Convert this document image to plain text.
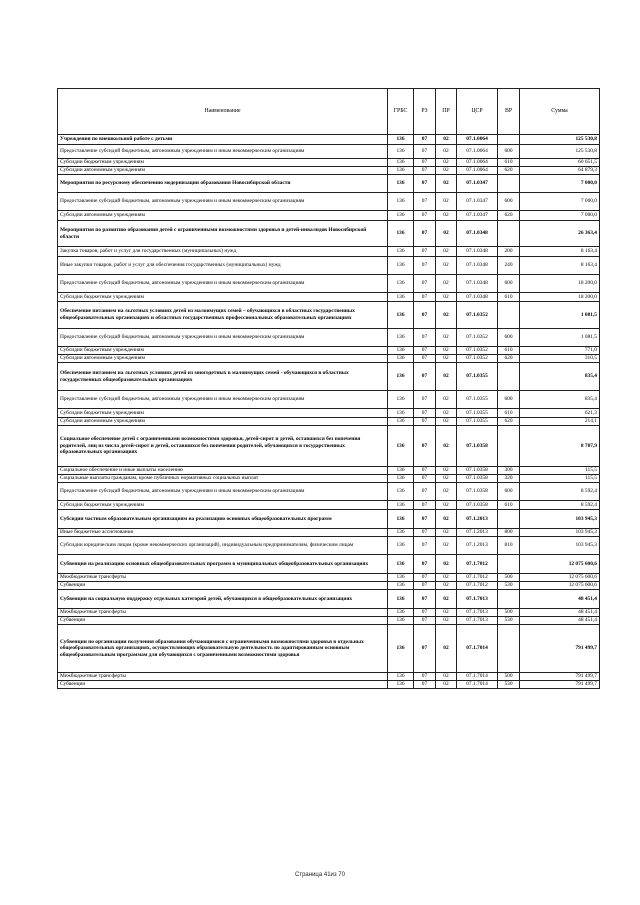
Наименование	ГРБС	РЗ	ПР	ЦСР	ВР	Сумма
Учреждения по внешкольной работе с детьми	136	07	02	07.1.0064		125 530,8
Предоставление субсидий бюджетным, автономным учреждениям и иным некоммерческим организациям	136	07	02	07.1.0064	600	125 530,8
Субсидии бюджетным учреждениям	136	07	02	07.1.0064	610	60 651,5
Субсидии автономным учреждениям	136	07	02	07.1.0064	620	64 879,3
Мероприятия по ресурсному обеспечению модернизации образования Новосибирской области	136	07	02	07.1.0347		7 000,0
Предоставление субсидий бюджетным, автономным учреждениям и иным некоммерческим организациям	136	07	02	07.1.0347	600	7 000,0
Субсидии автономным учреждениям	136	07	02	07.1.0347	620	7 000,0
Мероприятия по развитию образования детей с ограниченными возможностями здоровья и детей-инвалидов Новосибирской области	136	07	02	07.1.0348		26 363,4
Закупка товаров, работ и услуг для государственных (муниципальных) нужд	136	07	02	07.1.0348	200	8 163,4
Иные закупки товаров, работ и услуг для обеспечения государственных (муниципальных) нужд	136	07	02	07.1.0348	240	8 163,4
Предоставление субсидий бюджетным, автономным учреждениям и иным некоммерческим организациям	136	07	02	07.1.0348	600	18 200,0
Субсидии бюджетным учреждениям	136	07	02	07.1.0348	610	18 200,0
Обеспечение питанием на льготных условиях детей из малоимущих семей – обучающихся в областных государственных общеобразовательных организациях и областных государственных профессиональных образовательных организациях	136	07	02	07.1.0352		1 081,5
Предоставление субсидий бюджетным, автономным учреждениям и иным некоммерческим организациям	136	07	02	07.1.0352	600	1 081,5
Субсидии бюджетным учреждениям	136	07	02	07.1.0352	610	771,0
Субсидии автономным учреждениям	136	07	02	07.1.0352	620	310,5
Обеспечение питанием на льготных условиях детей из многодетных в малоимущих семей - обучающихся в областных государственных общеобразовательных организациях	136	07	02	07.1.0355		835,4
Предоставление субсидий бюджетным, автономным учреждениям и иным некоммерческим организациям	136	07	02	07.1.0355	600	835,4
Субсидии бюджетным учреждениям	136	07	02	07.1.0355	610	621,3
Субсидии автономным учреждениям	136	07	02	07.1.0355	620	214,1
Социальное обеспечение детей с ограниченными возможностями здоровья, детей-сирот и детей, оставшихся без попечения родителей, лиц из числа детей-сирот и детей, оставшихся без попечения родителей, обучающихся в государственных образовательных организациях	136	07	02	07.1.0358		8 707,9
Социальное обеспечение и иные выплаты населению	136	07	02	07.1.0358	300	115,5
Социальные выплаты гражданам, кроме публичных нормативных социальных выплат	136	07	02	07.1.0358	320	115,5
Предоставление субсидий бюджетным, автономным учреждениям и иным некоммерческим организациям	136	07	02	07.1.0358	600	8 592,4
Субсидии бюджетным учреждениям	136	07	02	07.1.0358	610	8 592,4
Субсидии частным образовательным организациям на реализацию основных общеобразовательных программ	136	07	02	07.1.2013		103 945,3
Иные бюджетные ассигнования	136	07	02	07.1.2013	800	103 945,3
Субсидии юридическим лицам (кроме некоммерческих организаций), индивидуальным предпринимателям, физическим лицам	136	07	02	07.1.2013	810	103 945,3
Субвенция на реализацию основных общеобразовательных программ в муниципальных общеобразовательных организациях	136	07	02	07.1.7012		12 075 600,6
Межбюджетные трансферты	136	07	02	07.1.7012	500	12 075 600,6
Субвенции	136	07	02	07.1.7012	530	12 075 600,6
Субвенции на социальную поддержку отдельных категорий детей, обучающихся в общеобразовательных организациях	136	07	02	07.1.7013		48 451,4
Межбюджетные трансферты	136	07	02	07.1.7013	500	48 451,4
Субвенции	136	07	02	07.1.7013	530	48 451,4
Субвенции по организации получения образования обучающимися с ограниченными возможностями здоровья в отдельных общеобразовательных организациях, осуществляющих образовательную деятельность по адаптированным основным общеобразовательным программам для обучающихся с ограниченными возможностями здоровья	136	07	02	07.1.7014		791 499,7
Межбюджетные трансферты	136	07	02	07.1.7014	500	791 499,7
Субвенции	136	07	02	07.1.7014	530	791 499,7
Страница 41из 70
